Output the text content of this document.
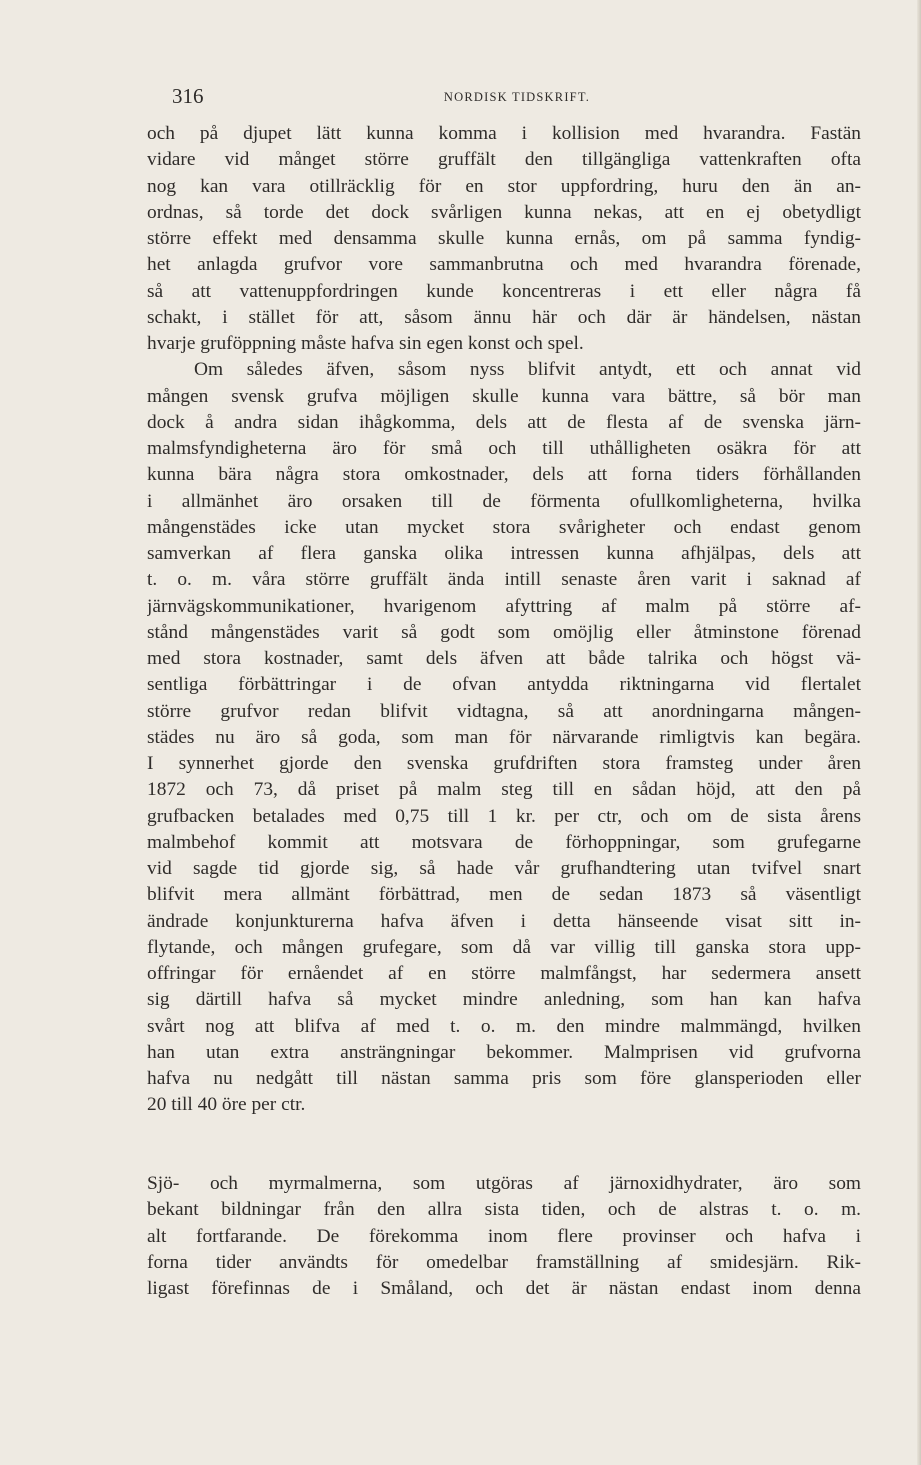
316	NORDISK TIDSKRIFT.
och på djupet lätt kunna komma i kollision med hvarandra. Fastän
vidare vid månget större gruffält den tillgängliga vattenkraften ofta
nog kan vara otillräcklig för en stor uppfordring, huru den än an-
ordnas, så torde det dock svårligen kunna nekas, att en ej obetydligt
större effekt med densamma skulle kunna ernås, om på samma fyndig-
het anlagda grufvor vore sammanbrutna och med hvarandra förenade,
så att vattenuppfordringen kunde koncentreras i ett eller några få
schakt, i stället för att, såsom ännu här och där är händelsen, nästan
hvarje gruföppning måste hafva sin egen konst och spel.
Om således äfven, såsom nyss blifvit antydt, ett och annat vid
mången svensk grufva möjligen skulle kunna vara bättre, så bör man
dock å andra sidan ihågkomma, dels att de flesta af de svenska järn-
malmsfyndigheterna äro för små och till uthålligheten osäkra för att
kunna bära några stora omkostnader, dels att forna tiders förhållanden
i allmänhet äro orsaken till de förmenta ofullkomligheterna, hvilka
mångenstädes icke utan mycket stora svårigheter och endast genom
samverkan af flera ganska olika intressen kunna afhjälpas, dels att
t. o. m. våra större gruffält ända intill senaste åren varit i saknad af
järnvägskommunikationer, hvarigenom afyttring af malm på större af-
stånd mångenstädes varit så godt som omöjlig eller åtminstone förenad
med stora kostnader, samt dels äfven att både talrika och högst vä-
sentliga förbättringar i de ofvan antydda riktningarna vid flertalet
större grufvor redan blifvit vidtagna, så att anordningarna mången-
städes nu äro så goda, som man för närvarande rimligtvis kan begära.
I synnerhet gjorde den svenska grufdriften stora framsteg under åren
1872 och 73, då priset på malm steg till en sådan höjd, att den på
grufbacken betalades med 0,75 till 1 kr. per ctr, och om de sista årens
malmbehof kommit att motsvara de förhoppningar, som grufegarne
vid sagde tid gjorde sig, så hade vår grufhandtering utan tvifvel snart
blifvit mera allmänt förbättrad, men de sedan 1873 så väsentligt
ändrade konjunkturerna hafva äfven i detta hänseende visat sitt in-
flytande, och mången grufegare, som då var villig till ganska stora upp-
offringar för ernåendet af en större malmfångst, har sedermera ansett
sig därtill hafva så mycket mindre anledning, som han kan hafva
svårt nog att blifva af med t. o. m. den mindre malmmängd, hvilken
han utan extra ansträngningar bekommer. Malmprisen vid grufvorna
hafva nu nedgått till nästan samma pris som före glansperioden eller
20 till 40 öre per ctr.
Sjö- och myrmalmerna, som utgöras af järnoxidhydrater, äro som
bekant bildningar från den allra sista tiden, och de alstras t. o. m.
alt fortfarande. De förekomma inom flere provinser och hafva i
forna tider användts för omedelbar framställning af smidesjärn. Rik-
ligast förefinnas de i Småland, och det är nästan endast inom denna
